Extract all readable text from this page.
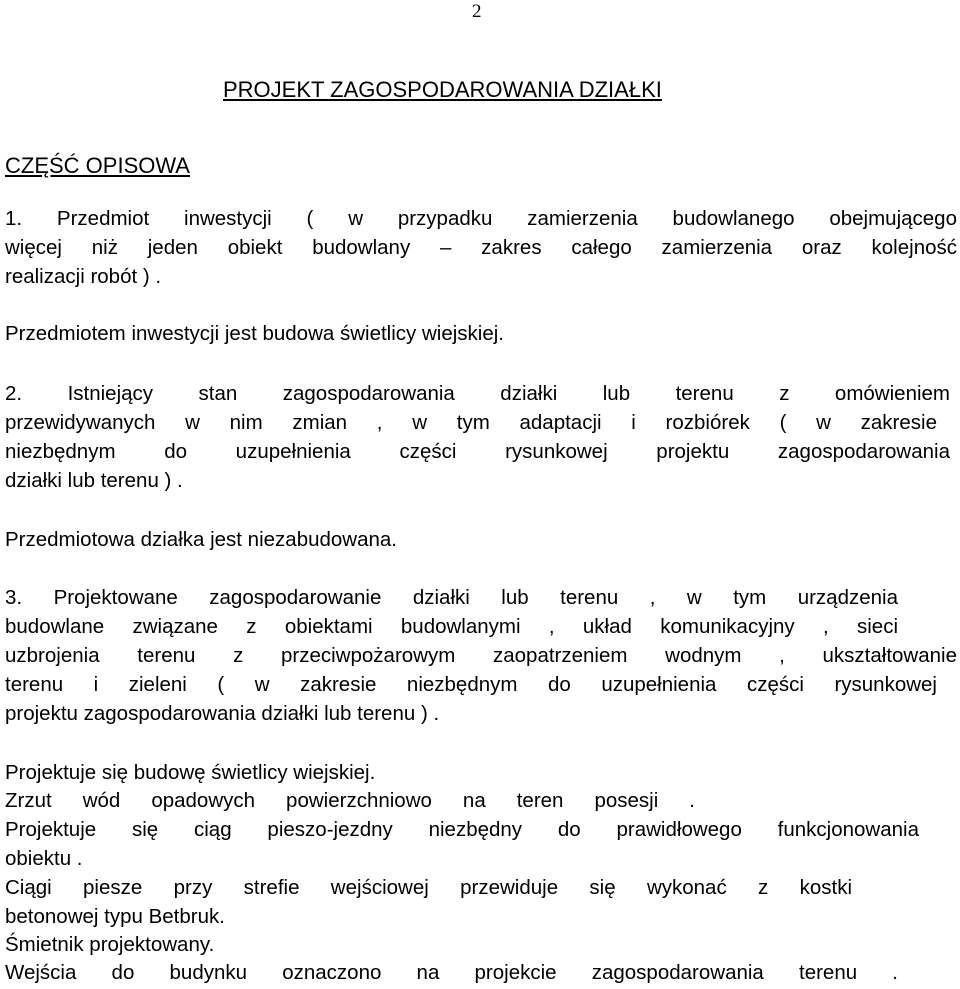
2
PROJEKT ZAGOSPODAROWANIA DZIAŁKI
CZĘŚĆ OPISOWA
1. Przedmiot inwestycji ( w przypadku zamierzenia budowlanego obejmującego
więcej niż jeden obiekt budowlany – zakres całego zamierzenia oraz kolejność
realizacji robót ) .
Przedmiotem inwestycji jest budowa świetlicy wiejskiej.
2. Istniejący stan zagospodarowania działki lub terenu z omówieniem
przewidywanych w nim zmian , w tym adaptacji i rozbiórek ( w zakresie
niezbędnym do uzupełnienia części rysunkowej projektu zagospodarowania
działki lub terenu ) .
Przedmiotowa działka jest niezabudowana.
3. Projektowane zagospodarowanie działki lub terenu , w tym urządzenia
budowlane związane z obiektami budowlanymi , układ komunikacyjny , sieci
uzbrojenia terenu z przeciwpożarowym zaopatrzeniem wodnym , ukształtowanie
terenu i zieleni ( w zakresie niezbędnym do uzupełnienia części rysunkowej
projektu zagospodarowania działki lub terenu ) .
Projektuje się budowę świetlicy wiejskiej.
Zrzut wód opadowych powierzchniowo na teren posesji .
Projektuje się ciąg pieszo-jezdny niezbędny do prawidłowego funkcjonowania
obiektu .
Ciągi piesze przy strefie wejściowej przewiduje się wykonać z kostki
betonowej typu Betbruk.
Śmietnik projektowany.
Wejścia do budynku oznaczono na projekcie zagospodarowania terenu .
